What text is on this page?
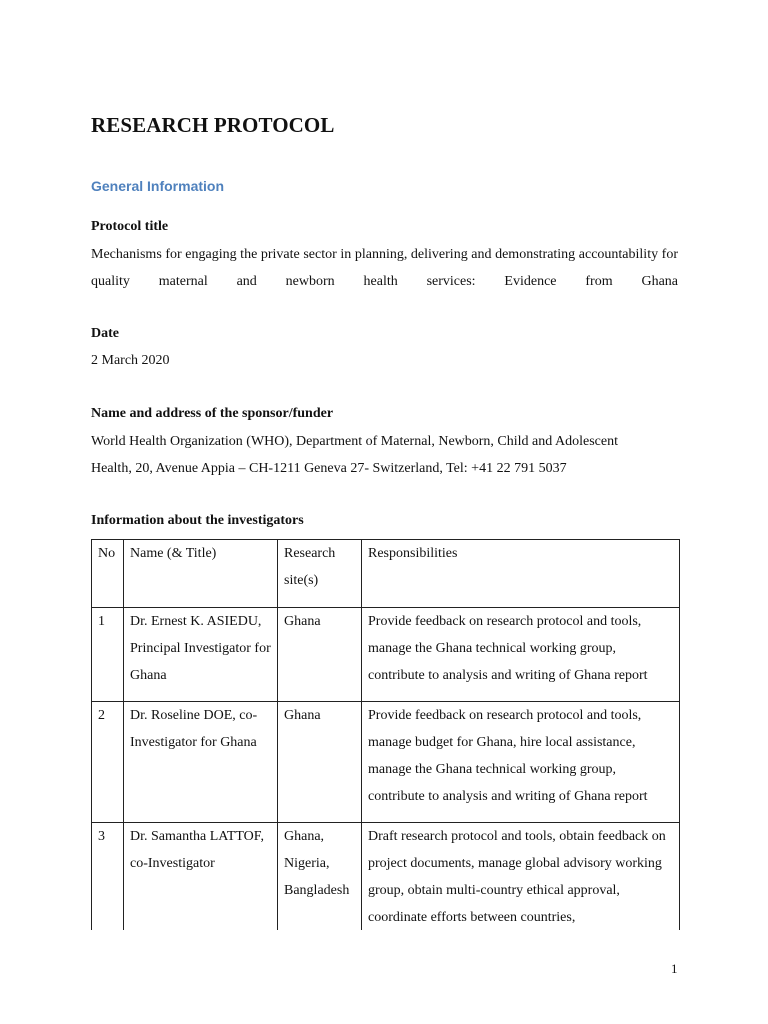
RESEARCH PROTOCOL
General Information
Protocol title
Mechanisms for engaging the private sector in planning, delivering and demonstrating accountability for quality maternal and newborn health services: Evidence from Ghana
Date
2 March 2020
Name and address of the sponsor/funder
World Health Organization (WHO), Department of Maternal, Newborn, Child and Adolescent
Health, 20, Avenue Appia – CH-1211 Geneva 27- Switzerland, Tel: +41 22 791 5037
Information about the investigators
No	Name (& Title)	Research site(s)	Responsibilities
1	Dr. Ernest K. ASIEDU, Principal Investigator for Ghana	Ghana	Provide feedback on research protocol and tools, manage the Ghana technical working group, contribute to analysis and writing of Ghana report
2	Dr. Roseline DOE, co-Investigator for Ghana	Ghana	Provide feedback on research protocol and tools, manage budget for Ghana, hire local assistance, manage the Ghana technical working group, contribute to analysis and writing of Ghana report
3	Dr. Samantha LATTOF, co-Investigator	Ghana, Nigeria, Bangladesh	Draft research protocol and tools, obtain feedback on project documents, manage global advisory working group, obtain multi-country ethical approval, coordinate efforts between countries,
1
